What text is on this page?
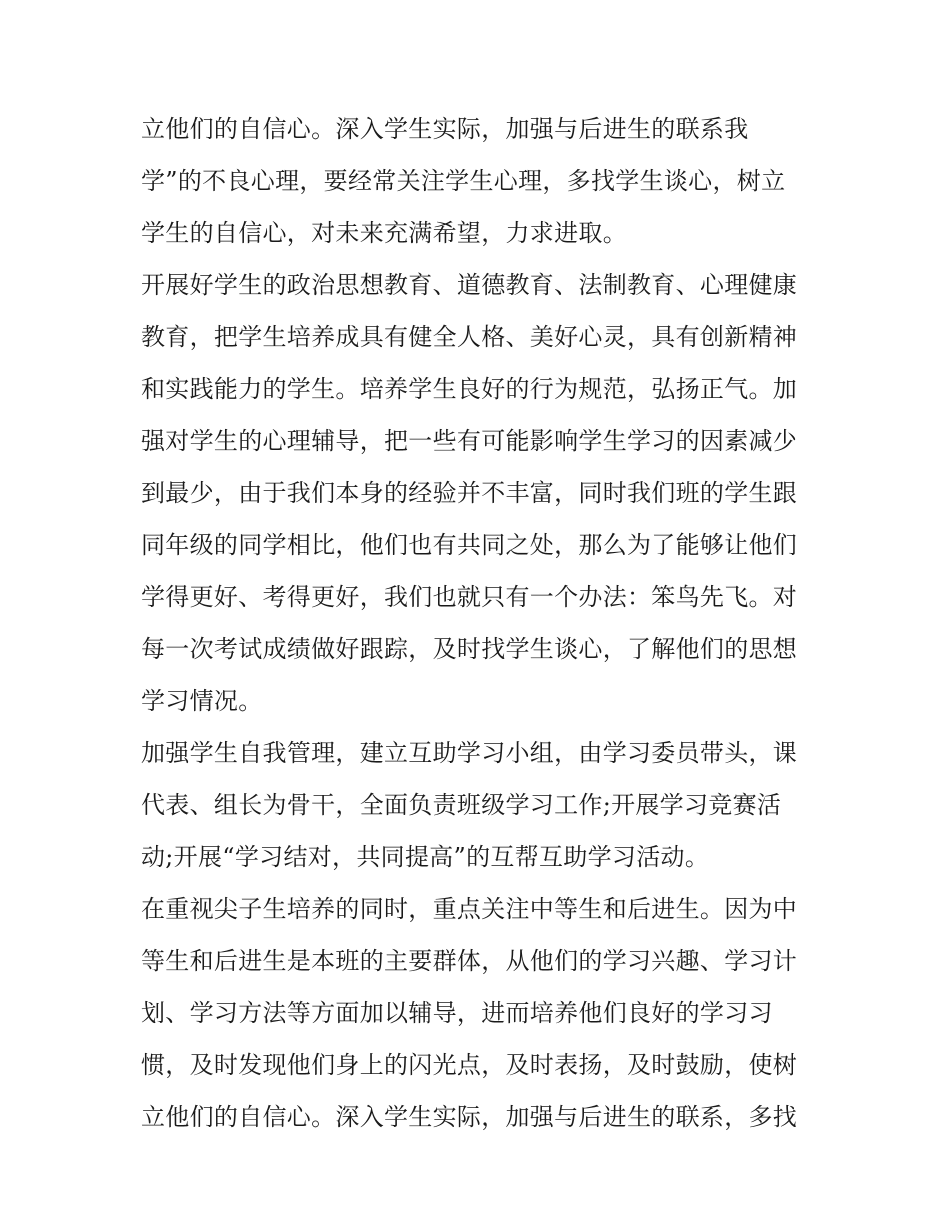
立他们的自信心。深入学生实际，加强与后进生的联系我
学”的不良心理，要经常关注学生心理，多找学生谈心，树立
学生的自信心，对未来充满希望，力求进取。
开展好学生的政治思想教育、道德教育、法制教育、心理健康
教育，把学生培养成具有健全人格、美好心灵，具有创新精神
和实践能力的学生。培养学生良好的行为规范，弘扬正气。加
强对学生的心理辅导，把一些有可能影响学生学习的因素减少
到最少，由于我们本身的经验并不丰富，同时我们班的学生跟
同年级的同学相比，他们也有共同之处，那么为了能够让他们
学得更好、考得更好，我们也就只有一个办法：笨鸟先飞。对
每一次考试成绩做好跟踪，及时找学生谈心，了解他们的思想
学习情况。
加强学生自我管理，建立互助学习小组，由学习委员带头，课
代表、组长为骨干，全面负责班级学习工作;开展学习竞赛活
动;开展“学习结对，共同提高”的互帮互助学习活动。
在重视尖子生培养的同时，重点关注中等生和后进生。因为中
等生和后进生是本班的主要群体，从他们的学习兴趣、学习计
划、学习方法等方面加以辅导，进而培养他们良好的学习习
惯，及时发现他们身上的闪光点，及时表扬，及时鼓励，使树
立他们的自信心。深入学生实际，加强与后进生的联系，多找
